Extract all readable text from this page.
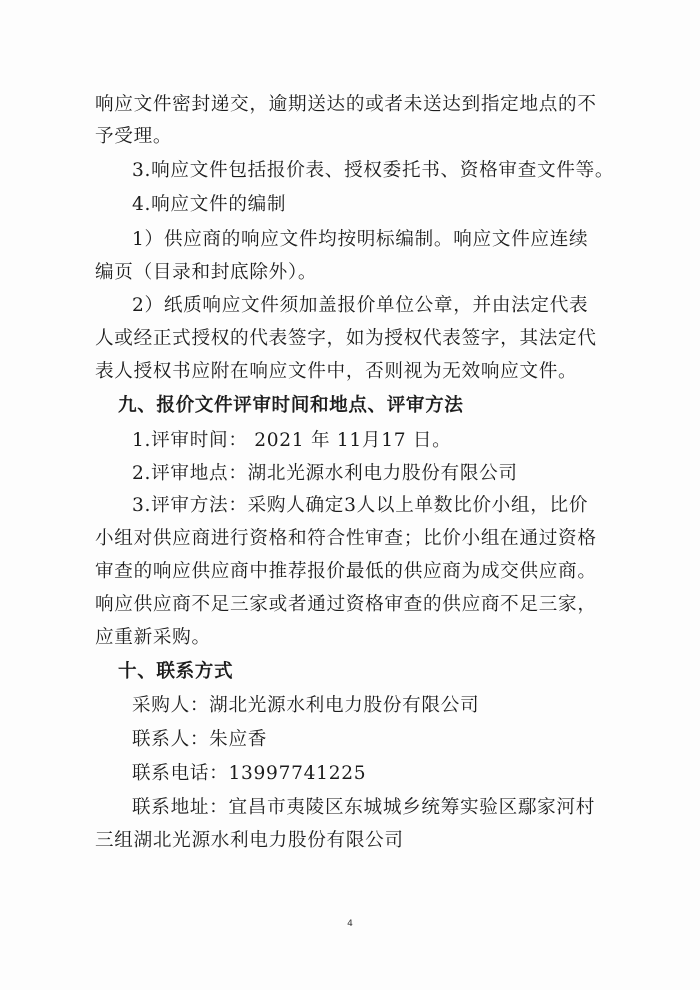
响应文件密封递交，逾期送达的或者未送达到指定地点的不
予受理。
3.响应文件包括报价表、授权委托书、资格审查文件等。
4.响应文件的编制
1）供应商的响应文件均按明标编制。响应文件应连续
编页（目录和封底除外）。
2）纸质响应文件须加盖报价单位公章，并由法定代表
人或经正式授权的代表签字，如为授权代表签字，其法定代
表人授权书应附在响应文件中，否则视为无效响应文件。
九、报价文件评审时间和地点、评审方法
1.评审时间： 2021 年 11月17 日。
2.评审地点：湖北光源水利电力股份有限公司
3.评审方法：采购人确定3人以上单数比价小组，比价
小组对供应商进行资格和符合性审查；比价小组在通过资格
审查的响应供应商中推荐报价最低的供应商为成交供应商。
响应供应商不足三家或者通过资格审查的供应商不足三家，
应重新采购。
十、联系方式
采购人：湖北光源水利电力股份有限公司
联系人：朱应香
联系电话：13997741225
联系地址：宜昌市夷陵区东城城乡统筹实验区鄢家河村
三组湖北光源水利电力股份有限公司
4
